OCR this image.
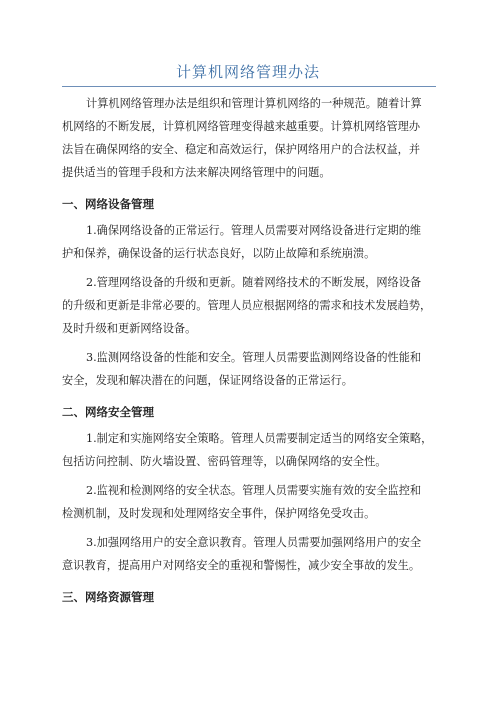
计算机网络管理办法
计算机网络管理办法是组织和管理计算机网络的一种规范。随着计算
机网络的不断发展，计算机网络管理变得越来越重要。计算机网络管理办
法旨在确保网络的安全、稳定和高效运行，保护网络用户的合法权益，并
提供适当的管理手段和方法来解决网络管理中的问题。
一、网络设备管理
1.确保网络设备的正常运行。管理人员需要对网络设备进行定期的维
护和保养，确保设备的运行状态良好，以防止故障和系统崩溃。
2.管理网络设备的升级和更新。随着网络技术的不断发展，网络设备
的升级和更新是非常必要的。管理人员应根据网络的需求和技术发展趋势，
及时升级和更新网络设备。
3.监测网络设备的性能和安全。管理人员需要监测网络设备的性能和
安全，发现和解决潜在的问题，保证网络设备的正常运行。
二、网络安全管理
1.制定和实施网络安全策略。管理人员需要制定适当的网络安全策略，
包括访问控制、防火墙设置、密码管理等，以确保网络的安全性。
2.监视和检测网络的安全状态。管理人员需要实施有效的安全监控和
检测机制，及时发现和处理网络安全事件，保护网络免受攻击。
3.加强网络用户的安全意识教育。管理人员需要加强网络用户的安全
意识教育，提高用户对网络安全的重视和警惕性，减少安全事故的发生。
三、网络资源管理
